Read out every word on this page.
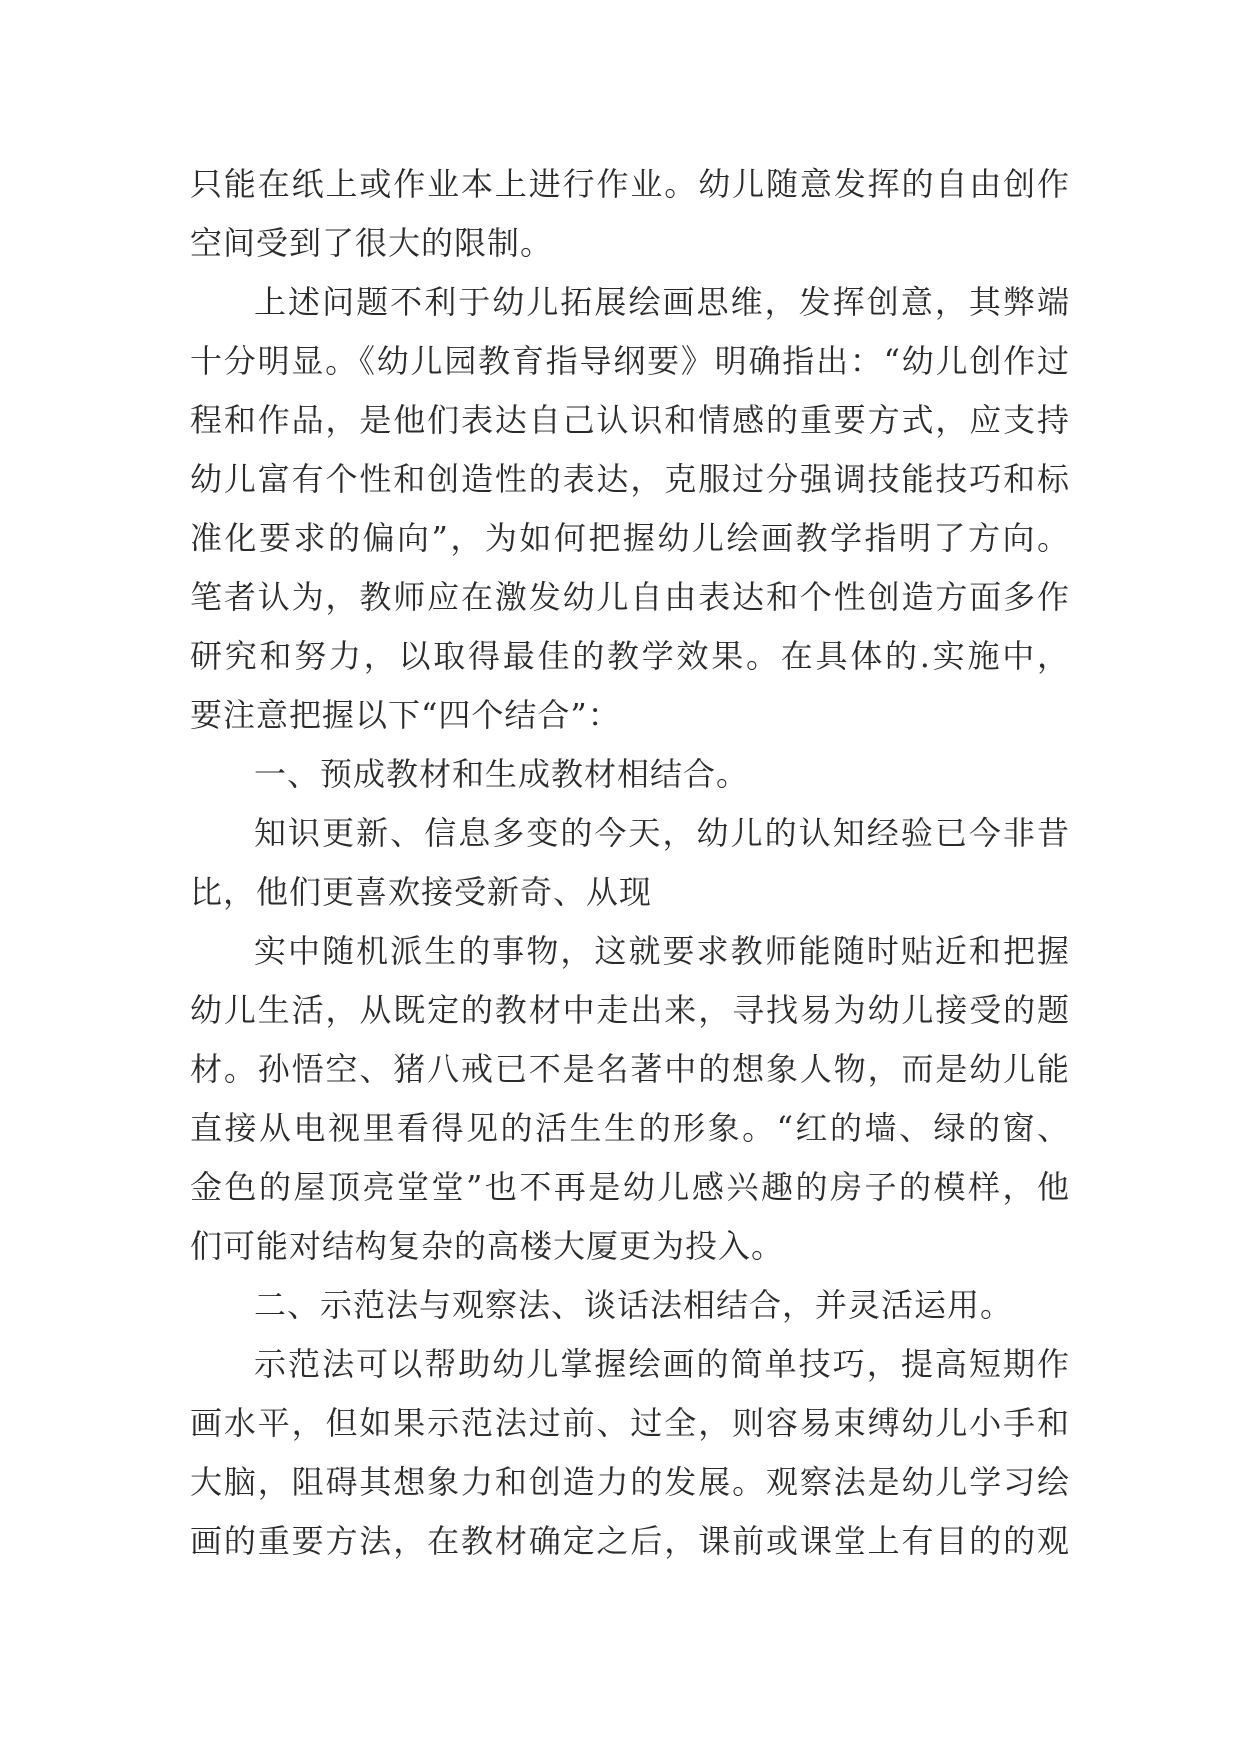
只能在纸上或作业本上进行作业。幼儿随意发挥的自由创作
空间受到了很大的限制。
上述问题不利于幼儿拓展绘画思维，发挥创意，其弊端
十分明显。《幼儿园教育指导纲要》明确指出：“幼儿创作过
程和作品，是他们表达自己认识和情感的重要方式，应支持
幼儿富有个性和创造性的表达，克服过分强调技能技巧和标
准化要求的偏向”，为如何把握幼儿绘画教学指明了方向。
笔者认为，教师应在激发幼儿自由表达和个性创造方面多作
研究和努力，以取得最佳的教学效果。在具体的.实施中，
要注意把握以下“四个结合”：
一、预成教材和生成教材相结合。
知识更新、信息多变的今天，幼儿的认知经验已今非昔
比，他们更喜欢接受新奇、从现
实中随机派生的事物，这就要求教师能随时贴近和把握
幼儿生活，从既定的教材中走出来，寻找易为幼儿接受的题
材。孙悟空、猪八戒已不是名著中的想象人物，而是幼儿能
直接从电视里看得见的活生生的形象。“红的墙、绿的窗、
金色的屋顶亮堂堂”也不再是幼儿感兴趣的房子的模样，他
们可能对结构复杂的高楼大厦更为投入。
二、示范法与观察法、谈话法相结合，并灵活运用。
示范法可以帮助幼儿掌握绘画的简单技巧，提高短期作
画水平，但如果示范法过前、过全，则容易束缚幼儿小手和
大脑，阻碍其想象力和创造力的发展。观察法是幼儿学习绘
画的重要方法，在教材确定之后，课前或课堂上有目的的观
